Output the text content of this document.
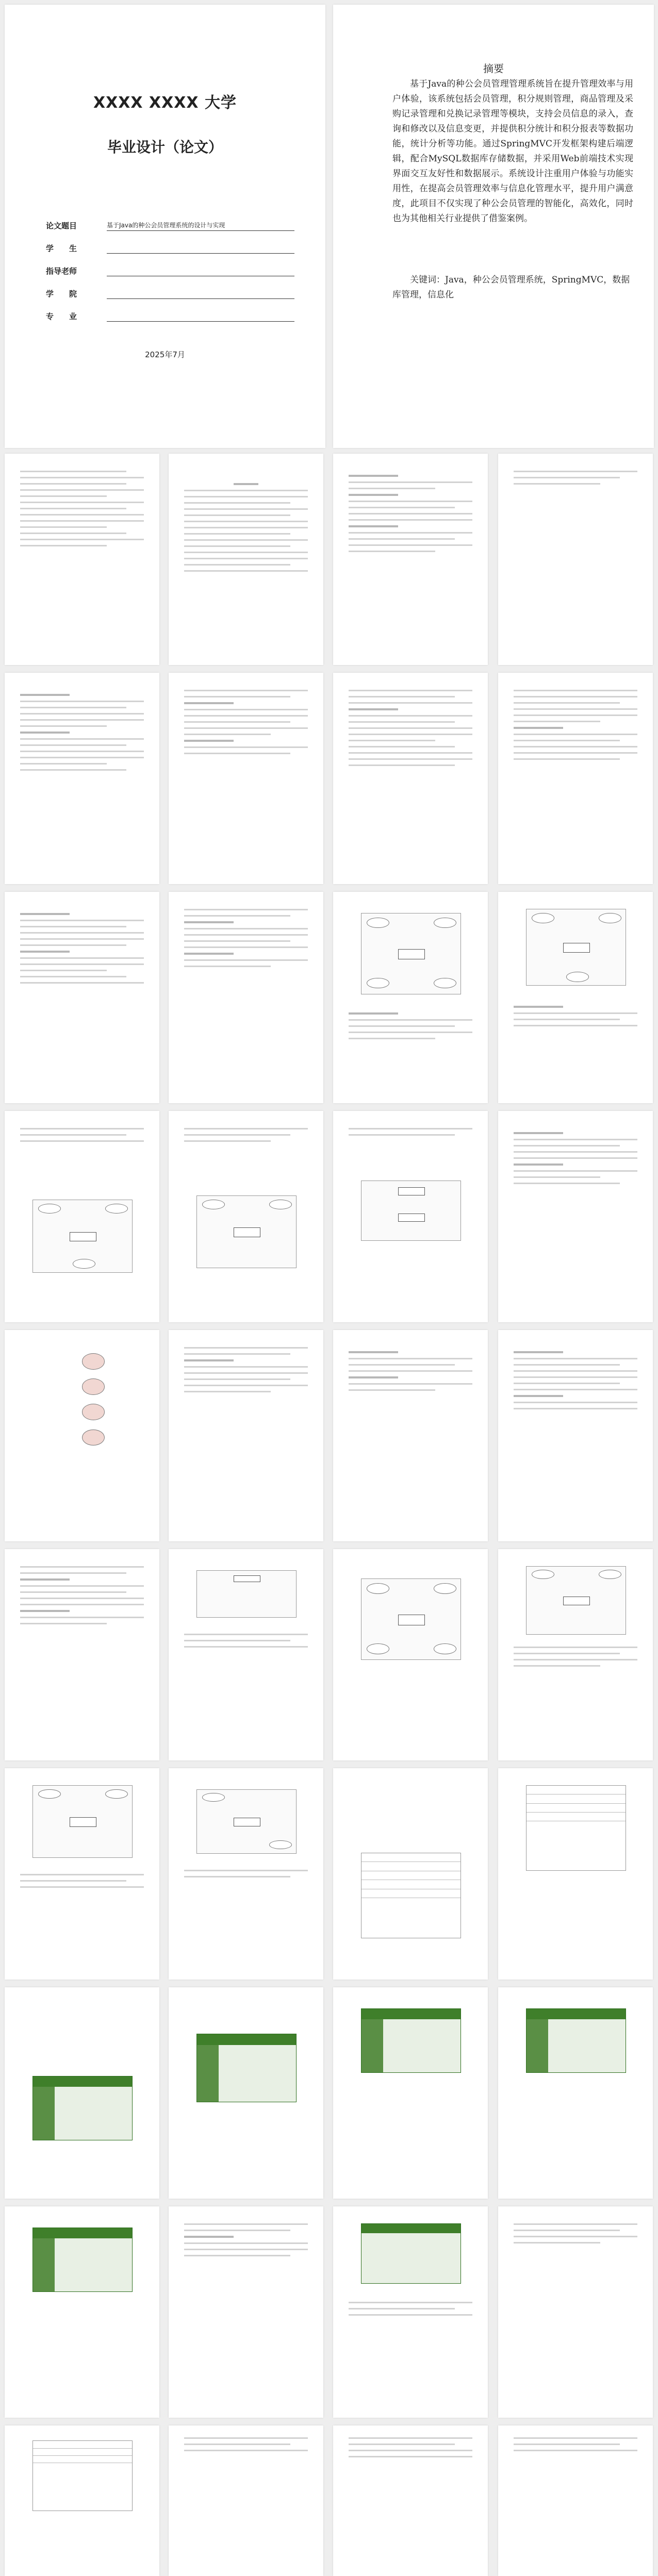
XXXX XXXX 大学
毕业设计（论文）
论文题目	基于Java的种公会员管理系统的设计与实现
学　　生
指导老师
学　　院
专　　业
2025年7月
摘要
基于Java的种公会员管理管理系统旨在提升管理效率与用户体验，该系统包括会员管理，积分规则管理，商品管理及采购记录管理和兑换记录管理等模块，支持会员信息的录入，查询和修改以及信息变更，并提供积分统计和积分报表等数据功能，统计分析等功能。通过SpringMVC开发框架构建后端逻辑，配合MySQL数据库存储数据，并采用Web前端技术实现界面交互友好性和数据展示。系统设计注重用户体验与功能实用性，在提高会员管理效率与信息化管理水平，提升用户满意度，此项目不仅实现了种公会员管理的智能化，高效化，同时也为其他相关行业提供了借鉴案例。
关键词：Java，种公会员管理系统，SpringMVC，数据库管理，信息化
